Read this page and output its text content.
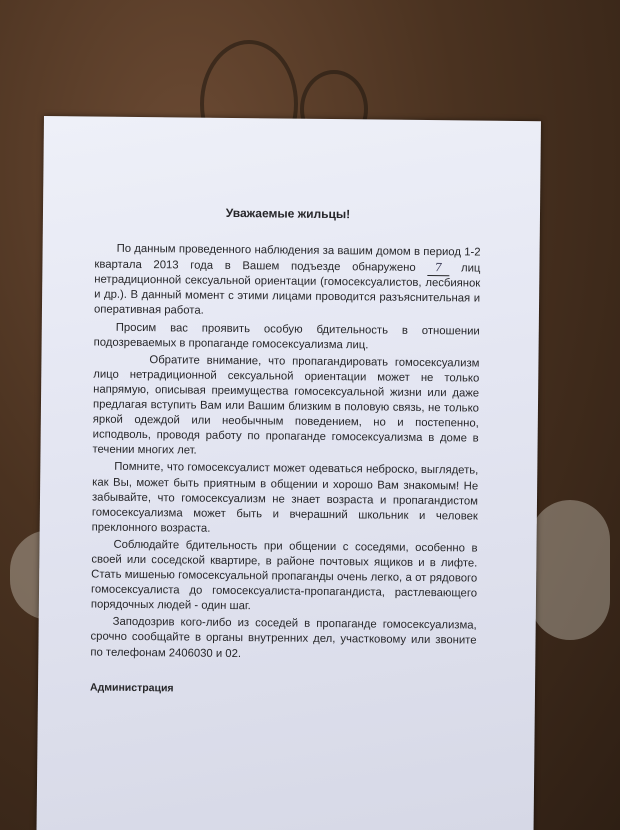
Уважаемые жильцы!

По данным проведенного наблюдения за вашим домом в период 1-2 квартала 2013 года в Вашем подъезде обнаружено 7 лиц нетрадиционной сексуальной ориентации (гомосексуалистов, лесбиянок и др.). В данный момент с этими лицами проводится разъяснительная и оперативная работа.

Просим вас проявить особую бдительность в отношении подозреваемых в пропаганде гомосексуализма лиц.

Обратите внимание, что пропагандировать гомосексуализм лицо нетрадиционной сексуальной ориентации может не только напрямую, описывая преимущества гомосексуальной жизни или даже предлагая вступить Вам или Вашим близким в половую связь, не только яркой одеждой или необычным поведением, но и постепенно, исподволь, проводя работу по пропаганде гомосексуализма в доме в течении многих лет.

Помните, что гомосексуалист может одеваться неброско, выглядеть, как Вы, может быть приятным в общении и хорошо Вам знакомым! Не забывайте, что гомосексуализм не знает возраста и пропагандистом гомосексуализма может быть и вчерашний школьник и человек преклонного возраста.

Соблюдайте бдительность при общении с соседями, особенно в своей или соседской квартире, в районе почтовых ящиков и в лифте. Стать мишенью гомосексуальной пропаганды очень легко, а от рядового гомосексуалиста до гомосексуалиста-пропагандиста, растлевающего порядочных людей - один шаг.

Заподозрив кого-либо из соседей в пропаганде гомосексуализма, срочно сообщайте в органы внутренних дел, участковому или звоните по телефонам 2406030 и 02.

Администрация
